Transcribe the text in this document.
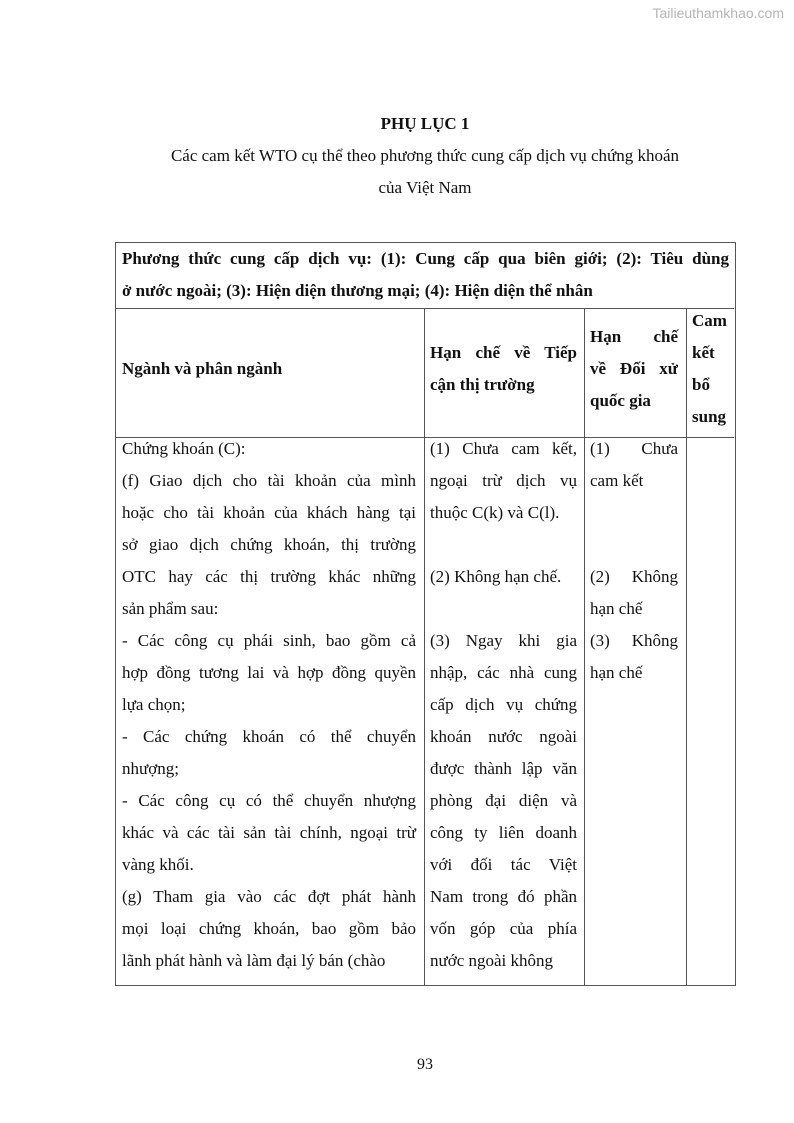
Tailieuthamkhao.com
PHỤ LỤC 1
Các cam kết WTO cụ thể theo phương thức cung cấp dịch vụ chứng khoán
của Việt Nam
Phương thức cung cấp dịch vụ: (1): Cung cấp qua biên giới; (2): Tiêu dùng
ở nước ngoài; (3): Hiện diện thương mại; (4): Hiện diện thể nhân
Ngành và phân ngành
Hạn chế về Tiếp
cận thị trường
Hạn chế
về Đối xử
quốc gia
Cam
kết
bổ
sung
Chứng khoán (C):
(f) Giao dịch cho tài khoản của mình
hoặc cho tài khoản của khách hàng tại
sở giao dịch chứng khoán, thị trường
OTC hay các thị trường khác những
sản phẩm sau:
- Các công cụ phái sinh, bao gồm cả
hợp đồng tương lai và hợp đồng quyền
lựa chọn;
- Các chứng khoán có thể chuyển
nhượng;
- Các công cụ có thể chuyển nhượng
khác và các tài sản tài chính, ngoại trừ
vàng khối.
(g) Tham gia vào các đợt phát hành
mọi loại chứng khoán, bao gồm bảo
lãnh phát hành và làm đại lý bán (chào
(1) Chưa cam kết,
ngoại trừ dịch vụ
thuộc C(k) và C(l).
(2) Không hạn chế.
(3) Ngay khi gia
nhập, các nhà cung
cấp dịch vụ chứng
khoán nước ngoài
được thành lập văn
phòng đại diện và
công ty liên doanh
với đối tác Việt
Nam trong đó phần
vốn góp của phía
nước ngoài không
(1) Chưa
cam kết
(2) Không
hạn chế
(3) Không
hạn chế
93
